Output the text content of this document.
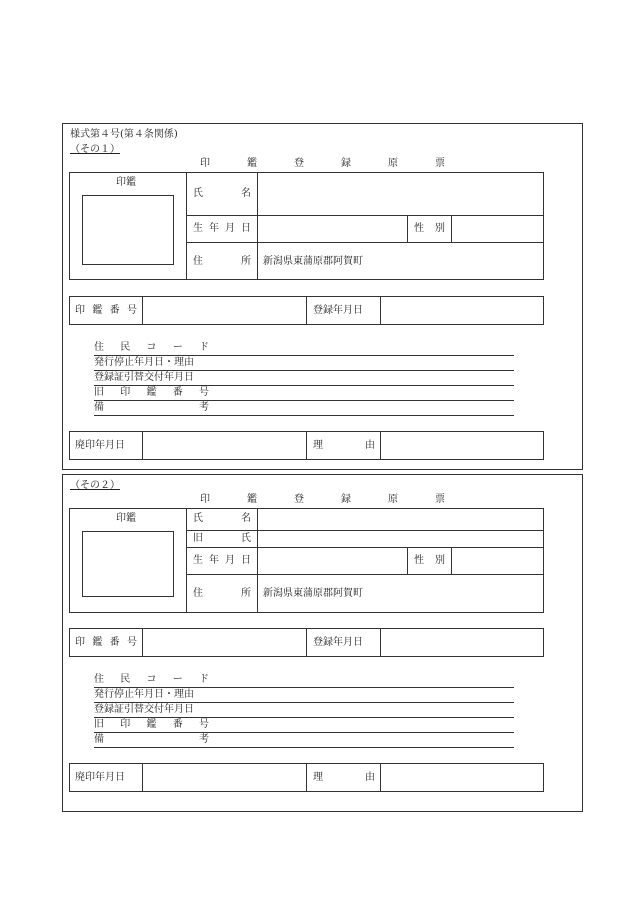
様式第４号(第４条関係)
（その１）
印	鑑	登	録	原	票
印鑑
氏	名
生 年 月 日	性 別
住	所 新潟県東蒲原郡阿賀町
印 鑑 番 号	登録年月日
住 民 コ ー ド
発行停止年月日・理由
登録証引替交付年月日
旧 印 鑑 番 号
備	考
廃印年月日	理	由
（その２）
印	鑑	登	録	原	票
印鑑	氏	名
旧	氏
生 年 月 日	性 別
住	所 新潟県東蒲原郡阿賀町
印 鑑 番 号	登録年月日
住 民 コ ー ド
発行停止年月日・理由
登録証引替交付年月日
旧 印 鑑 番 号
備	考
廃印年月日	理	由
